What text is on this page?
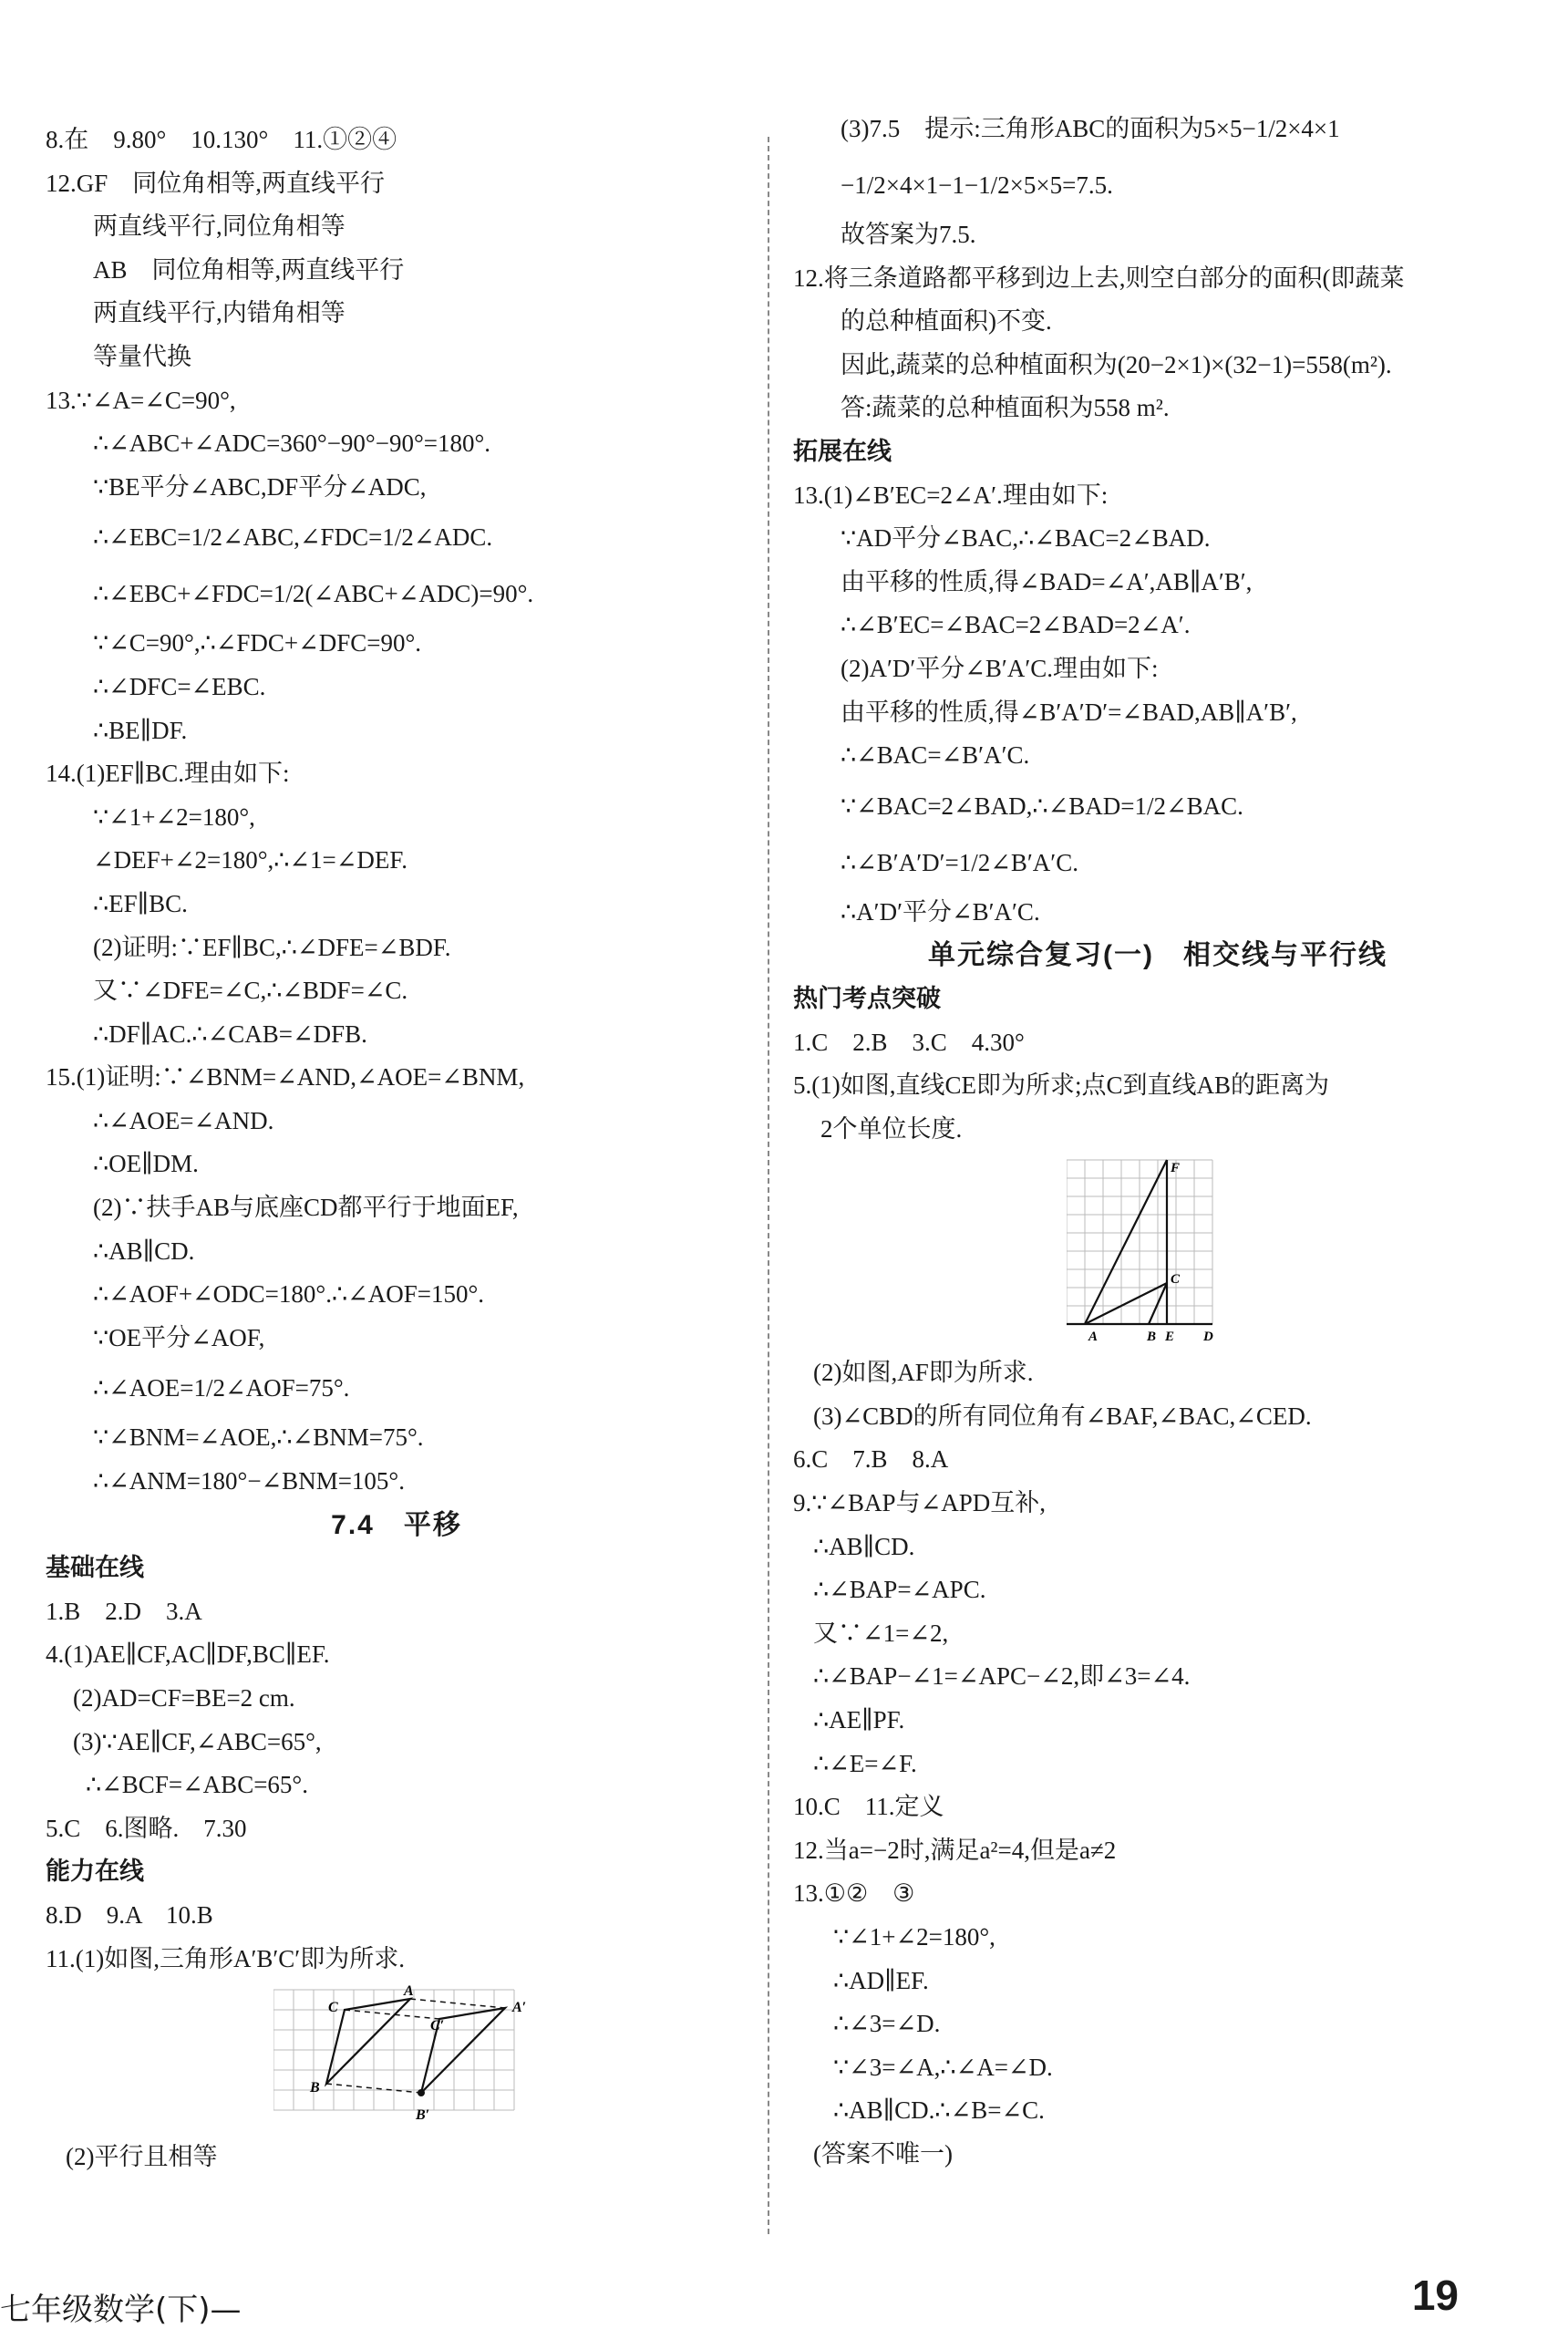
8.在　9.80°　10.130°　11.①②④
12.GF　同位角相等,两直线平行
两直线平行,同位角相等
AB　同位角相等,两直线平行
两直线平行,内错角相等
等量代换
13.∵∠A=∠C=90°,
∴∠ABC+∠ADC=360°−90°−90°=180°.
∵BE平分∠ABC,DF平分∠ADC,
∴∠EBC=1/2∠ABC,∠FDC=1/2∠ADC.
∴∠EBC+∠FDC=1/2(∠ABC+∠ADC)=90°.
∵∠C=90°,∴∠FDC+∠DFC=90°.
∴∠DFC=∠EBC.
∴BE∥DF.
14.(1)EF∥BC.理由如下:
∵∠1+∠2=180°,
∠DEF+∠2=180°,∴∠1=∠DEF.
∴EF∥BC.
(2)证明:∵EF∥BC,∴∠DFE=∠BDF.
又∵∠DFE=∠C,∴∠BDF=∠C.
∴DF∥AC.∴∠CAB=∠DFB.
15.(1)证明:∵∠BNM=∠AND,∠AOE=∠BNM,
∴∠AOE=∠AND.
∴OE∥DM.
(2)∵扶手AB与底座CD都平行于地面EF,
∴AB∥CD.
∴∠AOF+∠ODC=180°.∴∠AOF=150°.
∵OE平分∠AOF,
∴∠AOE=1/2∠AOF=75°.
∵∠BNM=∠AOE,∴∠BNM=75°.
∴∠ANM=180°−∠BNM=105°.
7.4　平移
基础在线
1.B　2.D　3.A
4.(1)AE∥CF,AC∥DF,BC∥EF.
(2)AD=CF=BE=2 cm.
(3)∵AE∥CF,∠ABC=65°,
∴∠BCF=∠ABC=65°.
5.C　6.图略.　7.30
能力在线
8.D　9.A　10.B
11.(1)如图,三角形A′B′C′即为所求.
A
C
C′
A′
B
B′
(2)平行且相等
(3)7.5　提示:三角形ABC的面积为5×5−1/2×4×1
−1/2×4×1−1−1/2×5×5=7.5.
故答案为7.5.
12.将三条道路都平移到边上去,则空白部分的面积(即蔬菜
的总种植面积)不变.
因此,蔬菜的总种植面积为(20−2×1)×(32−1)=558(m²).
答:蔬菜的总种植面积为558 m².
拓展在线
13.(1)∠B′EC=2∠A′.理由如下:
∵AD平分∠BAC,∴∠BAC=2∠BAD.
由平移的性质,得∠BAD=∠A′,AB∥A′B′,
∴∠B′EC=∠BAC=2∠BAD=2∠A′.
(2)A′D′平分∠B′A′C.理由如下:
由平移的性质,得∠B′A′D′=∠BAD,AB∥A′B′,
∴∠BAC=∠B′A′C.
∵∠BAC=2∠BAD,∴∠BAD=1/2∠BAC.
∴∠B′A′D′=1/2∠B′A′C.
∴A′D′平分∠B′A′C.
单元综合复习(一)　相交线与平行线
热门考点突破
1.C　2.B　3.C　4.30°
5.(1)如图,直线CE即为所求;点C到直线AB的距离为
2个单位长度.
F
C
A	B E D
(2)如图,AF即为所求.
(3)∠CBD的所有同位角有∠BAF,∠BAC,∠CED.
6.C　7.B　8.A
9.∵∠BAP与∠APD互补,
∴AB∥CD.
∴∠BAP=∠APC.
又∵∠1=∠2,
∴∠BAP−∠1=∠APC−∠2,即∠3=∠4.
∴AE∥PF.
∴∠E=∠F.
10.C　11.定义
12.当a=−2时,满足a²=4,但是a≠2
13.①②　③
∵∠1+∠2=180°,
∴AD∥EF.
∴∠3=∠D.
∵∠3=∠A,∴∠A=∠D.
∴AB∥CD.∴∠B=∠C.
(答案不唯一)
七年级数学(下)—	19
